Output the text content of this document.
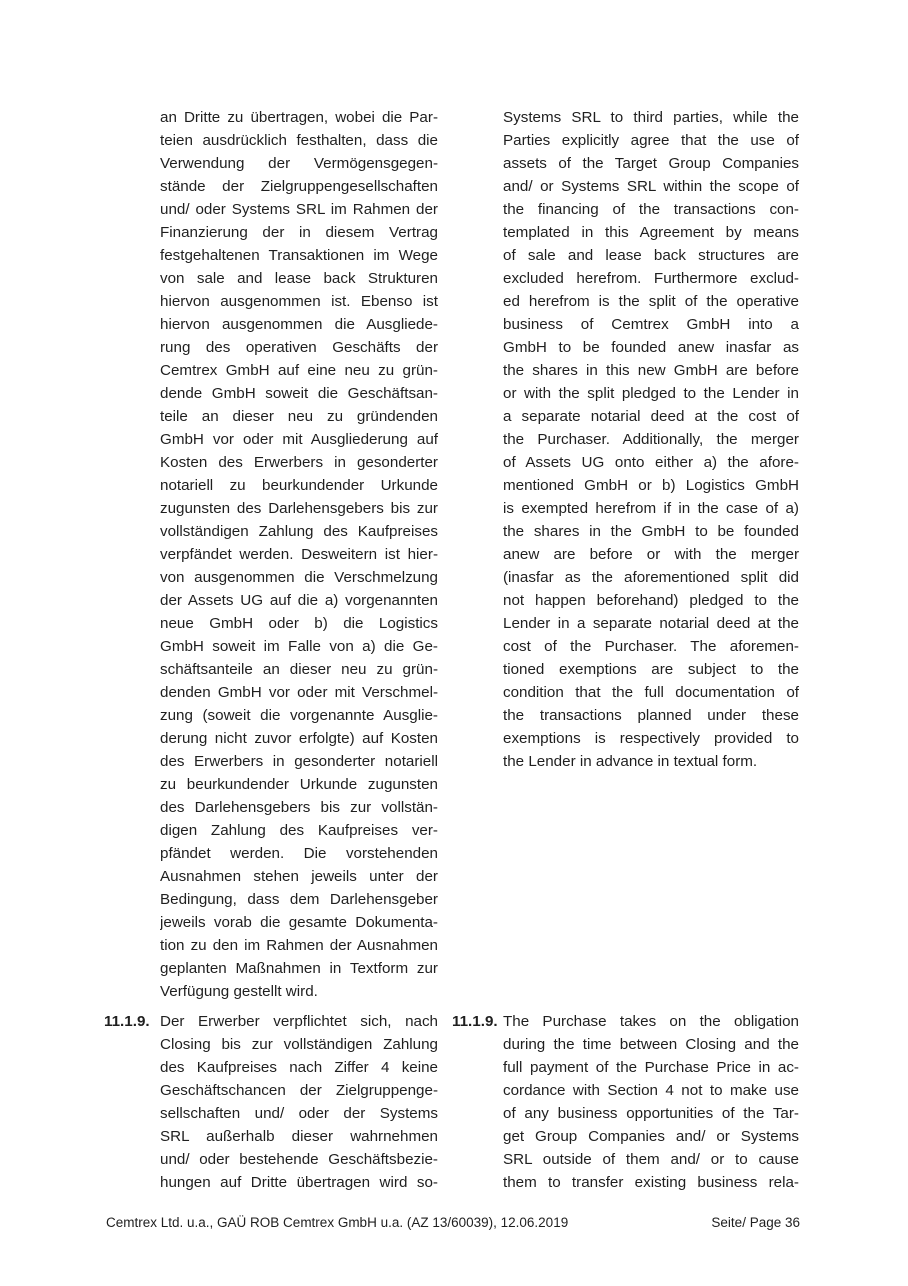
an Dritte zu übertragen, wobei die Par-
teien ausdrücklich festhalten, dass die
Verwendung der Vermögensgegen-
stände der Zielgruppengesellschaften
und/ oder Systems SRL im Rahmen der
Finanzierung der in diesem Vertrag
festgehaltenen Transaktionen im Wege
von sale and lease back Strukturen
hiervon ausgenommen ist. Ebenso ist
hiervon ausgenommen die Ausgliede-
rung des operativen Geschäfts der
Cemtrex GmbH auf eine neu zu grün-
dende GmbH soweit die Geschäftsan-
teile an dieser neu zu gründenden
GmbH vor oder mit Ausgliederung auf
Kosten des Erwerbers in gesonderter
notariell zu beurkundender Urkunde
zugunsten des Darlehensgebers bis zur
vollständigen Zahlung des Kaufpreises
verpfändet werden. Desweitern ist hier-
von ausgenommen die Verschmelzung
der Assets UG auf die a) vorgenannten
neue GmbH oder b) die Logistics
GmbH soweit im Falle von a) die Ge-
schäftsanteile an dieser neu zu grün-
denden GmbH vor oder mit Verschmel-
zung (soweit die vorgenannte Ausglie-
derung nicht zuvor erfolgte) auf Kosten
des Erwerbers in gesonderter notariell
zu beurkundender Urkunde zugunsten
des Darlehensgebers bis zur vollstän-
digen Zahlung des Kaufpreises ver-
pfändet werden. Die vorstehenden
Ausnahmen stehen jeweils unter der
Bedingung, dass dem Darlehensgeber
jeweils vorab die gesamte Dokumenta-
tion zu den im Rahmen der Ausnahmen
geplanten Maßnahmen in Textform zur
Verfügung gestellt wird.
Systems SRL to third parties, while the
Parties explicitly agree that the use of
assets of the Target Group Companies
and/ or Systems SRL within the scope of
the financing of the transactions con-
templated in this Agreement by means
of sale and lease back structures are
excluded herefrom. Furthermore exclud-
ed herefrom is the split of the operative
business of Cemtrex GmbH into a
GmbH to be founded anew inasfar as
the shares in this new GmbH are before
or with the split pledged to the Lender in
a separate notarial deed at the cost of
the Purchaser. Additionally, the merger
of Assets UG onto either a) the afore-
mentioned GmbH or b) Logistics GmbH
is exempted herefrom if in the case of a)
the shares in the GmbH to be founded
anew are before or with the merger
(inasfar as the aforementioned split did
not happen beforehand) pledged to the
Lender in a separate notarial deed at the
cost of the Purchaser. The aforemen-
tioned exemptions are subject to the
condition that the full documentation of
the transactions planned under these
exemptions is respectively provided to
the Lender in advance in textual form.
11.1.9. Der Erwerber verpflichtet sich, nach
Closing bis zur vollständigen Zahlung
des Kaufpreises nach Ziffer 4 keine
Geschäftschancen der Zielgruppenge-
sellschaften und/ oder der Systems
SRL außerhalb dieser wahrnehmen
und/ oder bestehende Geschäftsbezie-
hungen auf Dritte übertragen wird so-
11.1.9. The Purchase takes on the obligation
during the time between Closing and the
full payment of the Purchase Price in ac-
cordance with Section 4 not to make use
of any business opportunities of the Tar-
get Group Companies and/ or Systems
SRL outside of them and/ or to cause
them to transfer existing business rela-
Cemtrex Ltd. u.a., GAÜ ROB Cemtrex GmbH u.a. (AZ 13/60039), 12.06.2019	Seite/ Page 36
